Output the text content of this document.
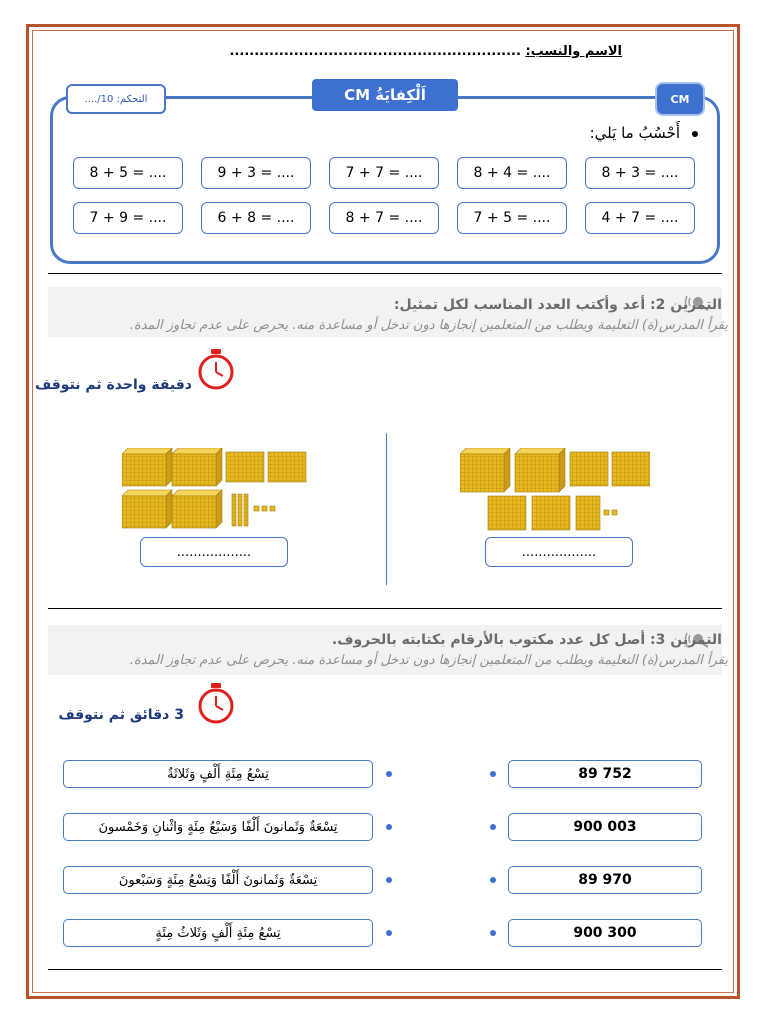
الاسم والنسب: ...........................................................
اَلْكِفايَةُ CM	CM
التحكم: 10/....
أَحْسُبُ ما يَلي:
8 + 3 = ....
8 + 4 = ....
7 + 7 = ....
9 + 3 = ....
8 + 5 = ....
4 + 7 = ....
7 + 5 = ....
8 + 7 = ....
6 + 8 = ....
7 + 9 = ....
التمرين 2: أعد وأكتب العدد المناسب لكل تمثيل:
يقرأ المدرس(ة) التعليمة ويطلب من المتعلمين إنجازها دون تدخل أو مساعدة منه. يحرص على عدم تجاوز المدة.
دقيقة واحدة ثم نتوقف
..................
..................
التمرين 3: أصل كل عدد مكتوب بالأرقام بكتابته بالحروف.
يقرأ المدرس(ة) التعليمة ويطلب من المتعلمين إنجازها دون تدخل أو مساعدة منه. يحرص على عدم تجاوز المدة.
3 دقائق ثم نتوقف
تِسْعُ مِئَةِ أَلْفٍ وَثَلاثَةٌ	89 752
تِسْعَةٌ وَثَمانونَ أَلْفًا وَسَبْعُ مِئَةٍ وَاثْنانِ وَخَمْسونَ	900 003
تِسْعَةٌ وَثَمانونَ أَلْفًا وَتِسْعُ مِئَةٍ وَسَبْعونَ	89 970
تِسْعُ مِئَةِ أَلْفٍ وَثَلاثُ مِئَةٍ	900 300
